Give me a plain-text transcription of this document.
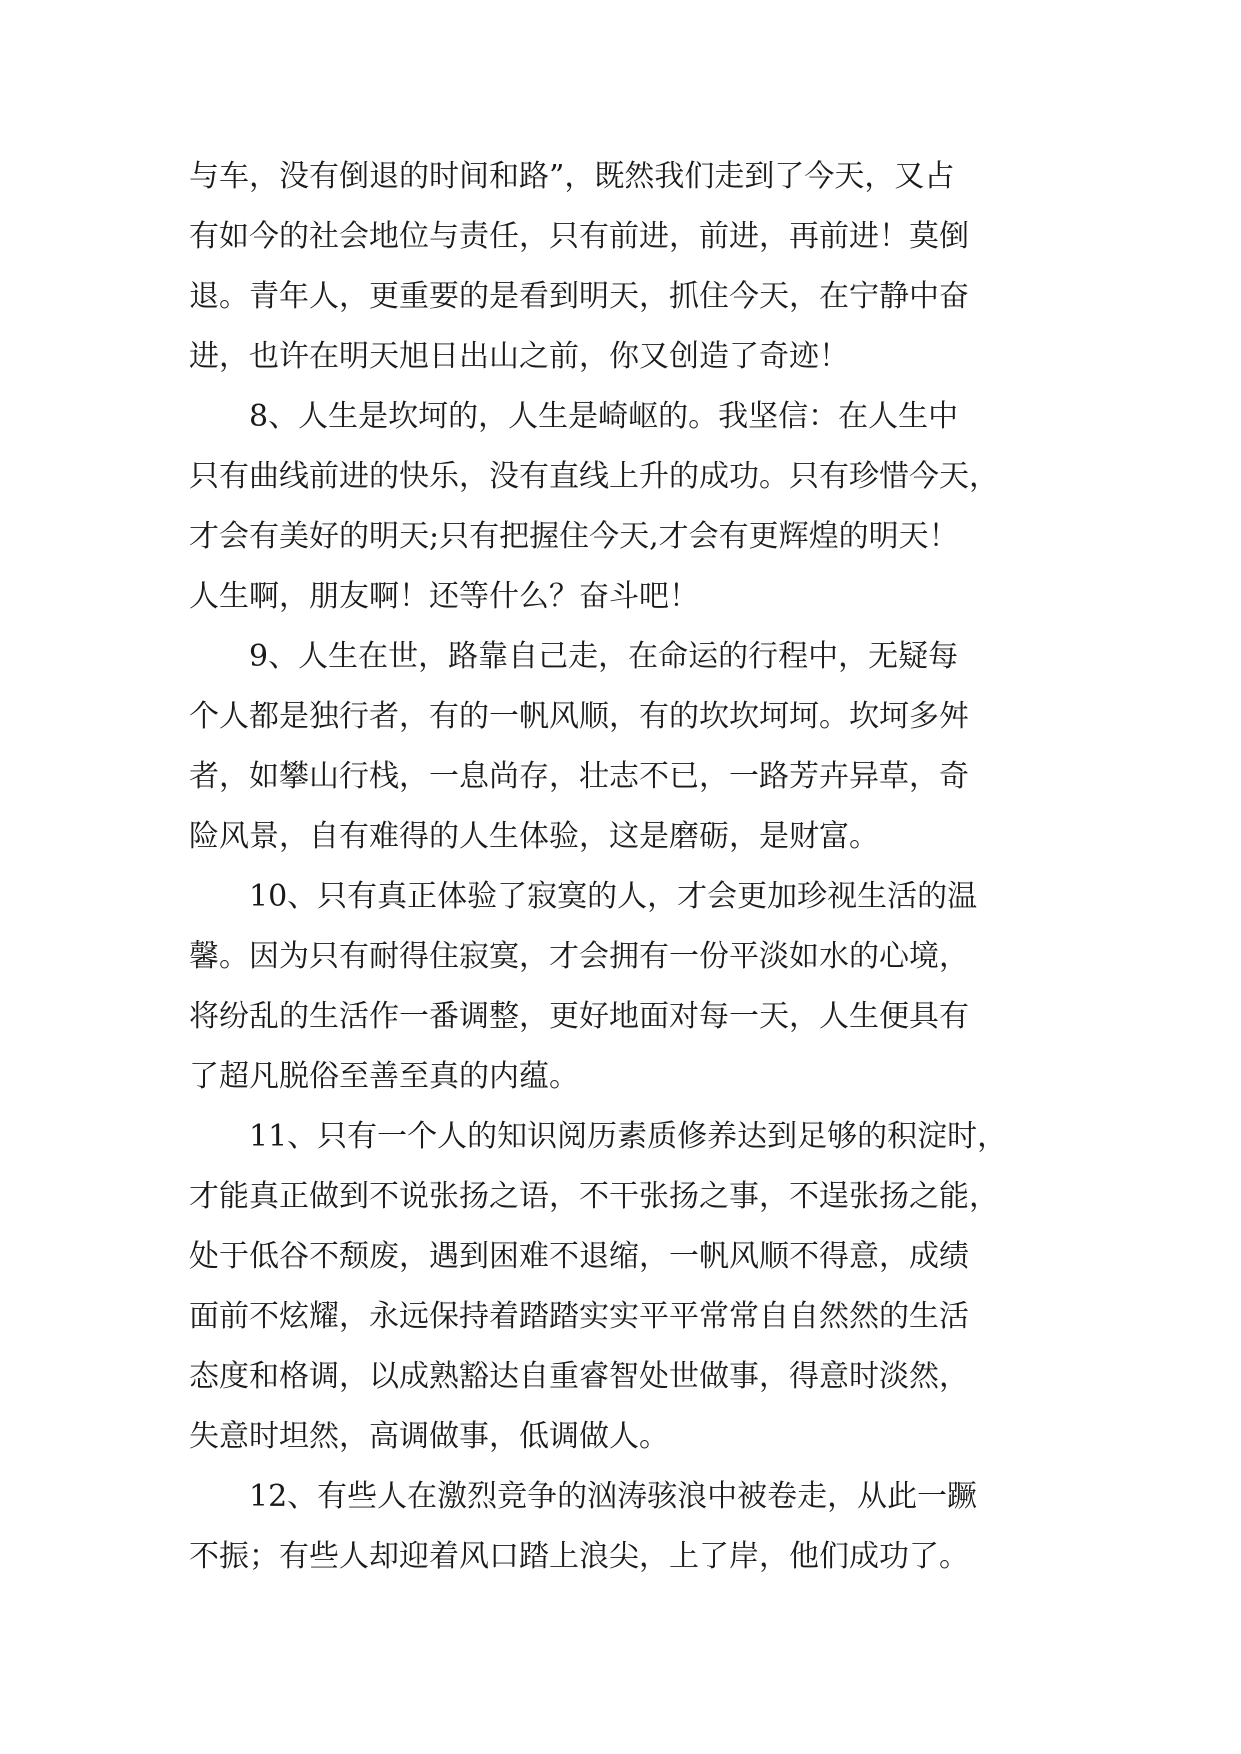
与车，没有倒退的时间和路”，既然我们走到了今天，又占
有如今的社会地位与责任，只有前进，前进，再前进！莫倒
退。青年人，更重要的是看到明天，抓住今天，在宁静中奋
进，也许在明天旭日出山之前，你又创造了奇迹！
8、人生是坎坷的，人生是崎岖的。我坚信：在人生中
只有曲线前进的快乐，没有直线上升的成功。只有珍惜今天，
才会有美好的明天;只有把握住今天,才会有更辉煌的明天！
人生啊，朋友啊！还等什么？奋斗吧！
9、人生在世，路靠自己走，在命运的行程中，无疑每
个人都是独行者，有的一帆风顺，有的坎坎坷坷。坎坷多舛
者，如攀山行栈，一息尚存，壮志不已，一路芳卉异草，奇
险风景，自有难得的人生体验，这是磨砺，是财富。
10、只有真正体验了寂寞的人，才会更加珍视生活的温
馨。因为只有耐得住寂寞，才会拥有一份平淡如水的心境，
将纷乱的生活作一番调整，更好地面对每一天，人生便具有
了超凡脱俗至善至真的内蕴。
11、只有一个人的知识阅历素质修养达到足够的积淀时，
才能真正做到不说张扬之语，不干张扬之事，不逞张扬之能，
处于低谷不颓废，遇到困难不退缩，一帆风顺不得意，成绩
面前不炫耀，永远保持着踏踏实实平平常常自自然然的生活
态度和格调，以成熟豁达自重睿智处世做事，得意时淡然，
失意时坦然，高调做事，低调做人。
12、有些人在激烈竞争的汹涛骇浪中被卷走，从此一蹶
不振；有些人却迎着风口踏上浪尖，上了岸，他们成功了。
